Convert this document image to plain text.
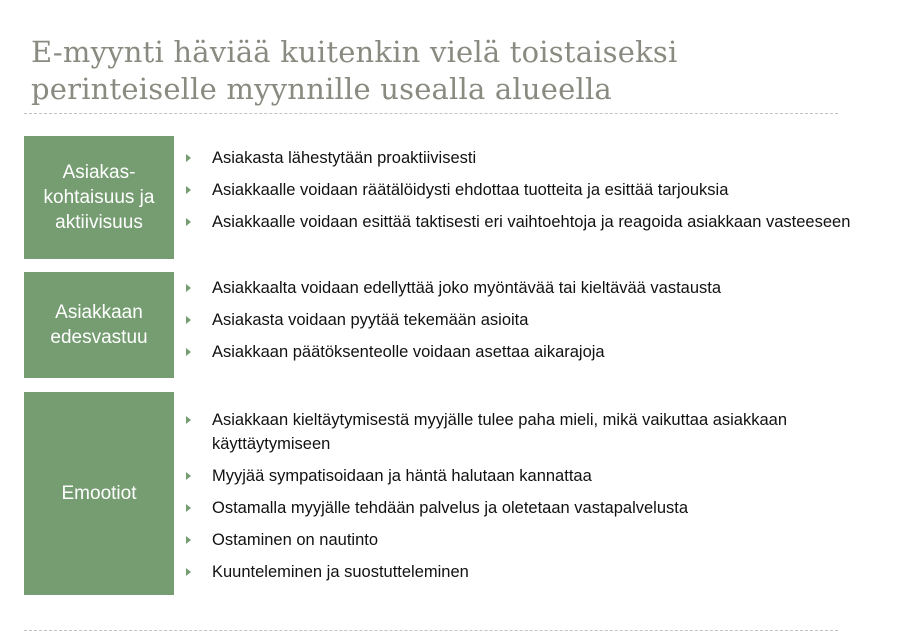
E-myynti häviää kuitenkin vielä toistaiseksi perinteiselle myynnille usealla alueella
Asiakas-
kohtaisuus ja
aktiivisuus
Asiakkaan
edesvastuu
Emootiot
Asiakasta lähestytään proaktiivisesti
Asiakkaalle voidaan räätälöidysti ehdottaa tuotteita ja esittää tarjouksia
Asiakkaalle voidaan esittää taktisesti eri vaihtoehtoja ja reagoida asiakkaan vasteeseen
Asiakkaalta voidaan edellyttää joko myöntävää tai kieltävää vastausta
Asiakasta voidaan pyytää tekemään asioita
Asiakkaan päätöksenteolle voidaan asettaa aikarajoja
Asiakkaan kieltäytymisestä myyjälle tulee paha mieli, mikä vaikuttaa asiakkaan käyttäytymiseen
Myyjää sympatisoidaan ja häntä halutaan kannattaa
Ostamalla myyjälle tehdään palvelus ja oletetaan vastapalvelusta
Ostaminen on nautinto
Kuunteleminen ja suostutteleminen
